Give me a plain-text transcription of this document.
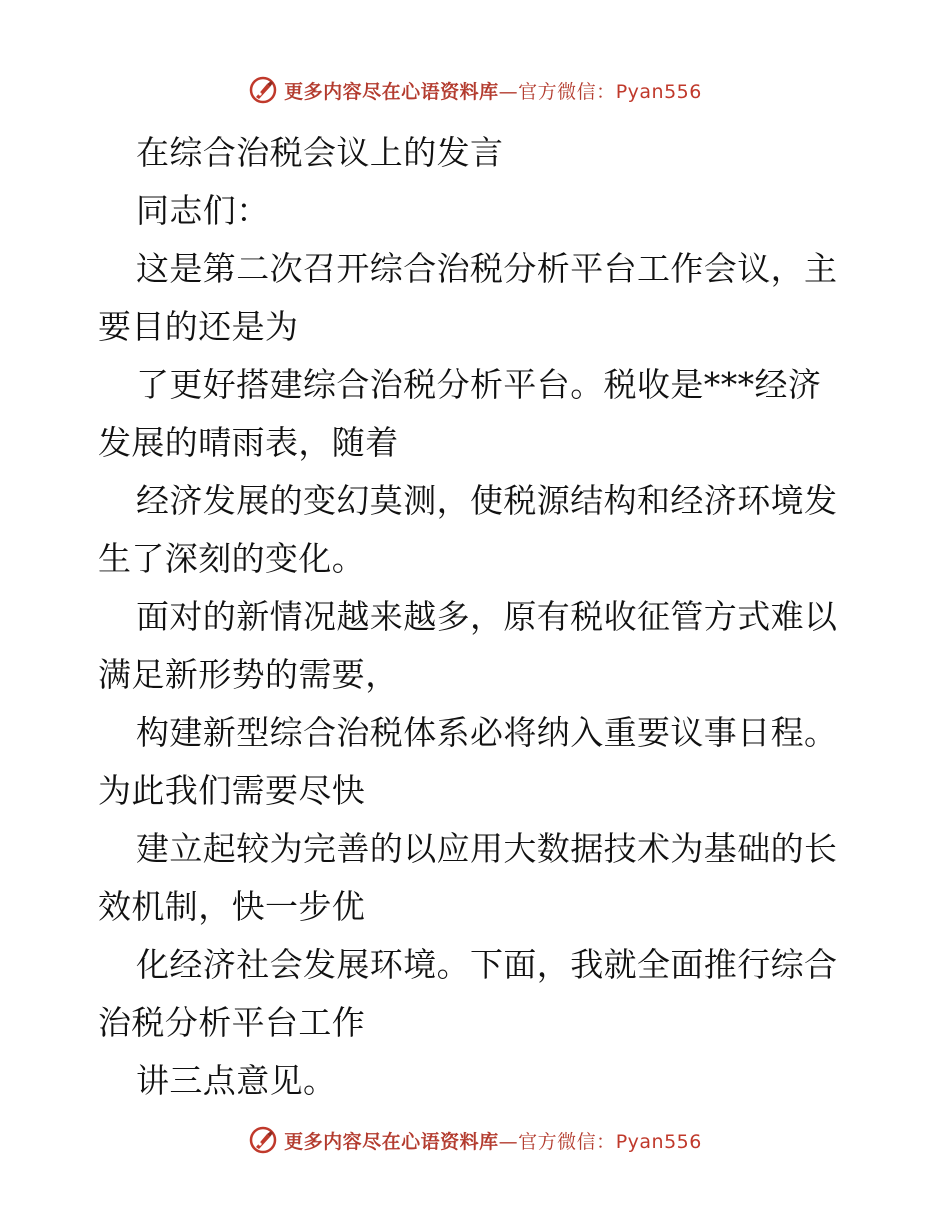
更多内容尽在心语资料库—官方微信：Pyan556
在综合治税会议上的发言
同志们：
这是第二次召开综合治税分析平台工作会议，主
要目的还是为
了更好搭建综合治税分析平台。税收是***经济
发展的晴雨表，随着
经济发展的变幻莫测，使税源结构和经济环境发
生了深刻的变化。
面对的新情况越来越多，原有税收征管方式难以
满足新形势的需要，
构建新型综合治税体系必将纳入重要议事日程。
为此我们需要尽快
建立起较为完善的以应用大数据技术为基础的长
效机制，快一步优
化经济社会发展环境。下面，我就全面推行综合
治税分析平台工作
讲三点意见。
更多内容尽在心语资料库—官方微信：Pyan556
